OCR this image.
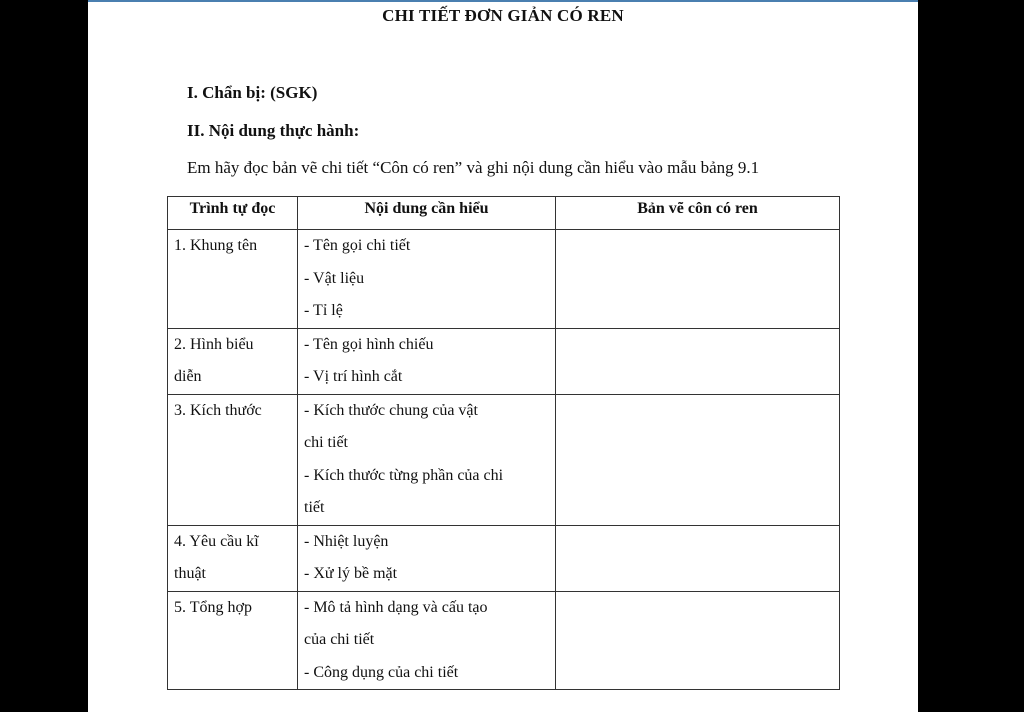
CHI TIẾT ĐƠN GIẢN CÓ REN
I. Chẩn bị: (SGK)
II. Nội dung thực hành:
Em hãy đọc bản vẽ chi tiết “Côn có ren” và ghi nội dung cần hiểu vào mẫu bảng 9.1
Trình tự đọc	Nội dung cần hiểu	Bản vẽ côn có ren

1. Khung tên	- Tên gọi chi tiết
- Vật liệu
- Tỉ lệ	

2. Hình biểu
diễn	- Tên gọi hình chiếu
- Vị trí hình cắt	

3. Kích thước	- Kích thước chung của vật
chi tiết
- Kích thước từng phần của chi
tiết	

4. Yêu cầu kĩ
thuật	- Nhiệt luyện
- Xử lý bề mặt	

5. Tổng hợp	- Mô tả hình dạng và cấu tạo
của chi tiết
- Công dụng của chi tiết	
